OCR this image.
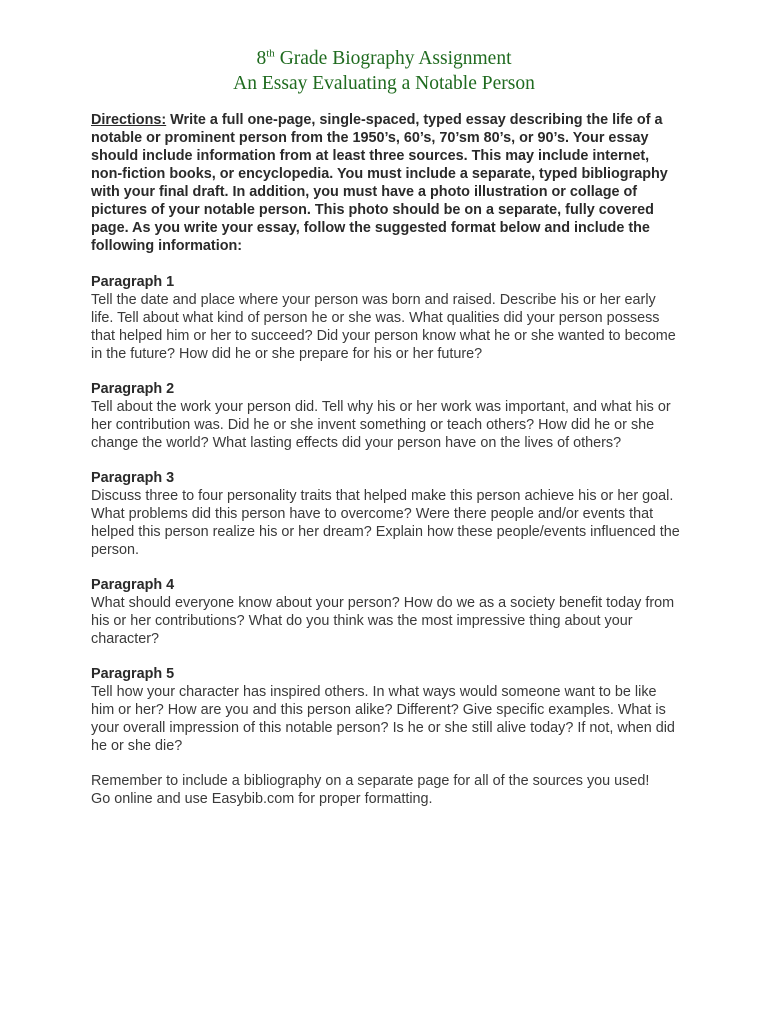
8th Grade Biography Assignment
An Essay Evaluating a Notable Person

Directions: Write a full one-page, single-spaced, typed essay describing the life of a notable or prominent person from the 1950’s, 60’s, 70’sm 80’s, or 90’s. Your essay should include information from at least three sources. This may include internet, non-fiction books, or encyclopedia. You must include a separate, typed bibliography with your final draft. In addition, you must have a photo illustration or collage of pictures of your notable person. This photo should be on a separate, fully covered page. As you write your essay, follow the suggested format below and include the following information:

Paragraph 1
Tell the date and place where your person was born and raised. Describe his or her early life. Tell about what kind of person he or she was. What qualities did your person possess that helped him or her to succeed? Did your person know what he or she wanted to become in the future? How did he or she prepare for his or her future?
Paragraph 2
Tell about the work your person did. Tell why his or her work was important, and what his or her contribution was. Did he or she invent something or teach others? How did he or she change the world? What lasting effects did your person have on the lives of others?
Paragraph 3
Discuss three to four personality traits that helped make this person achieve his or her goal. What problems did this person have to overcome? Were there people and/or events that helped this person realize his or her dream? Explain how these people/events influenced the person.
Paragraph 4
What should everyone know about your person? How do we as a society benefit today from his or her contributions? What do you think was the most impressive thing about your character?
Paragraph 5
Tell how your character has inspired others. In what ways would someone want to be like him or her? How are you and this person alike? Different? Give specific examples. What is your overall impression of this notable person? Is he or she still alive today? If not, when did he or she die?

Remember to include a bibliography on a separate page for all of the sources you used!
Go online and use Easybib.com for proper formatting.
